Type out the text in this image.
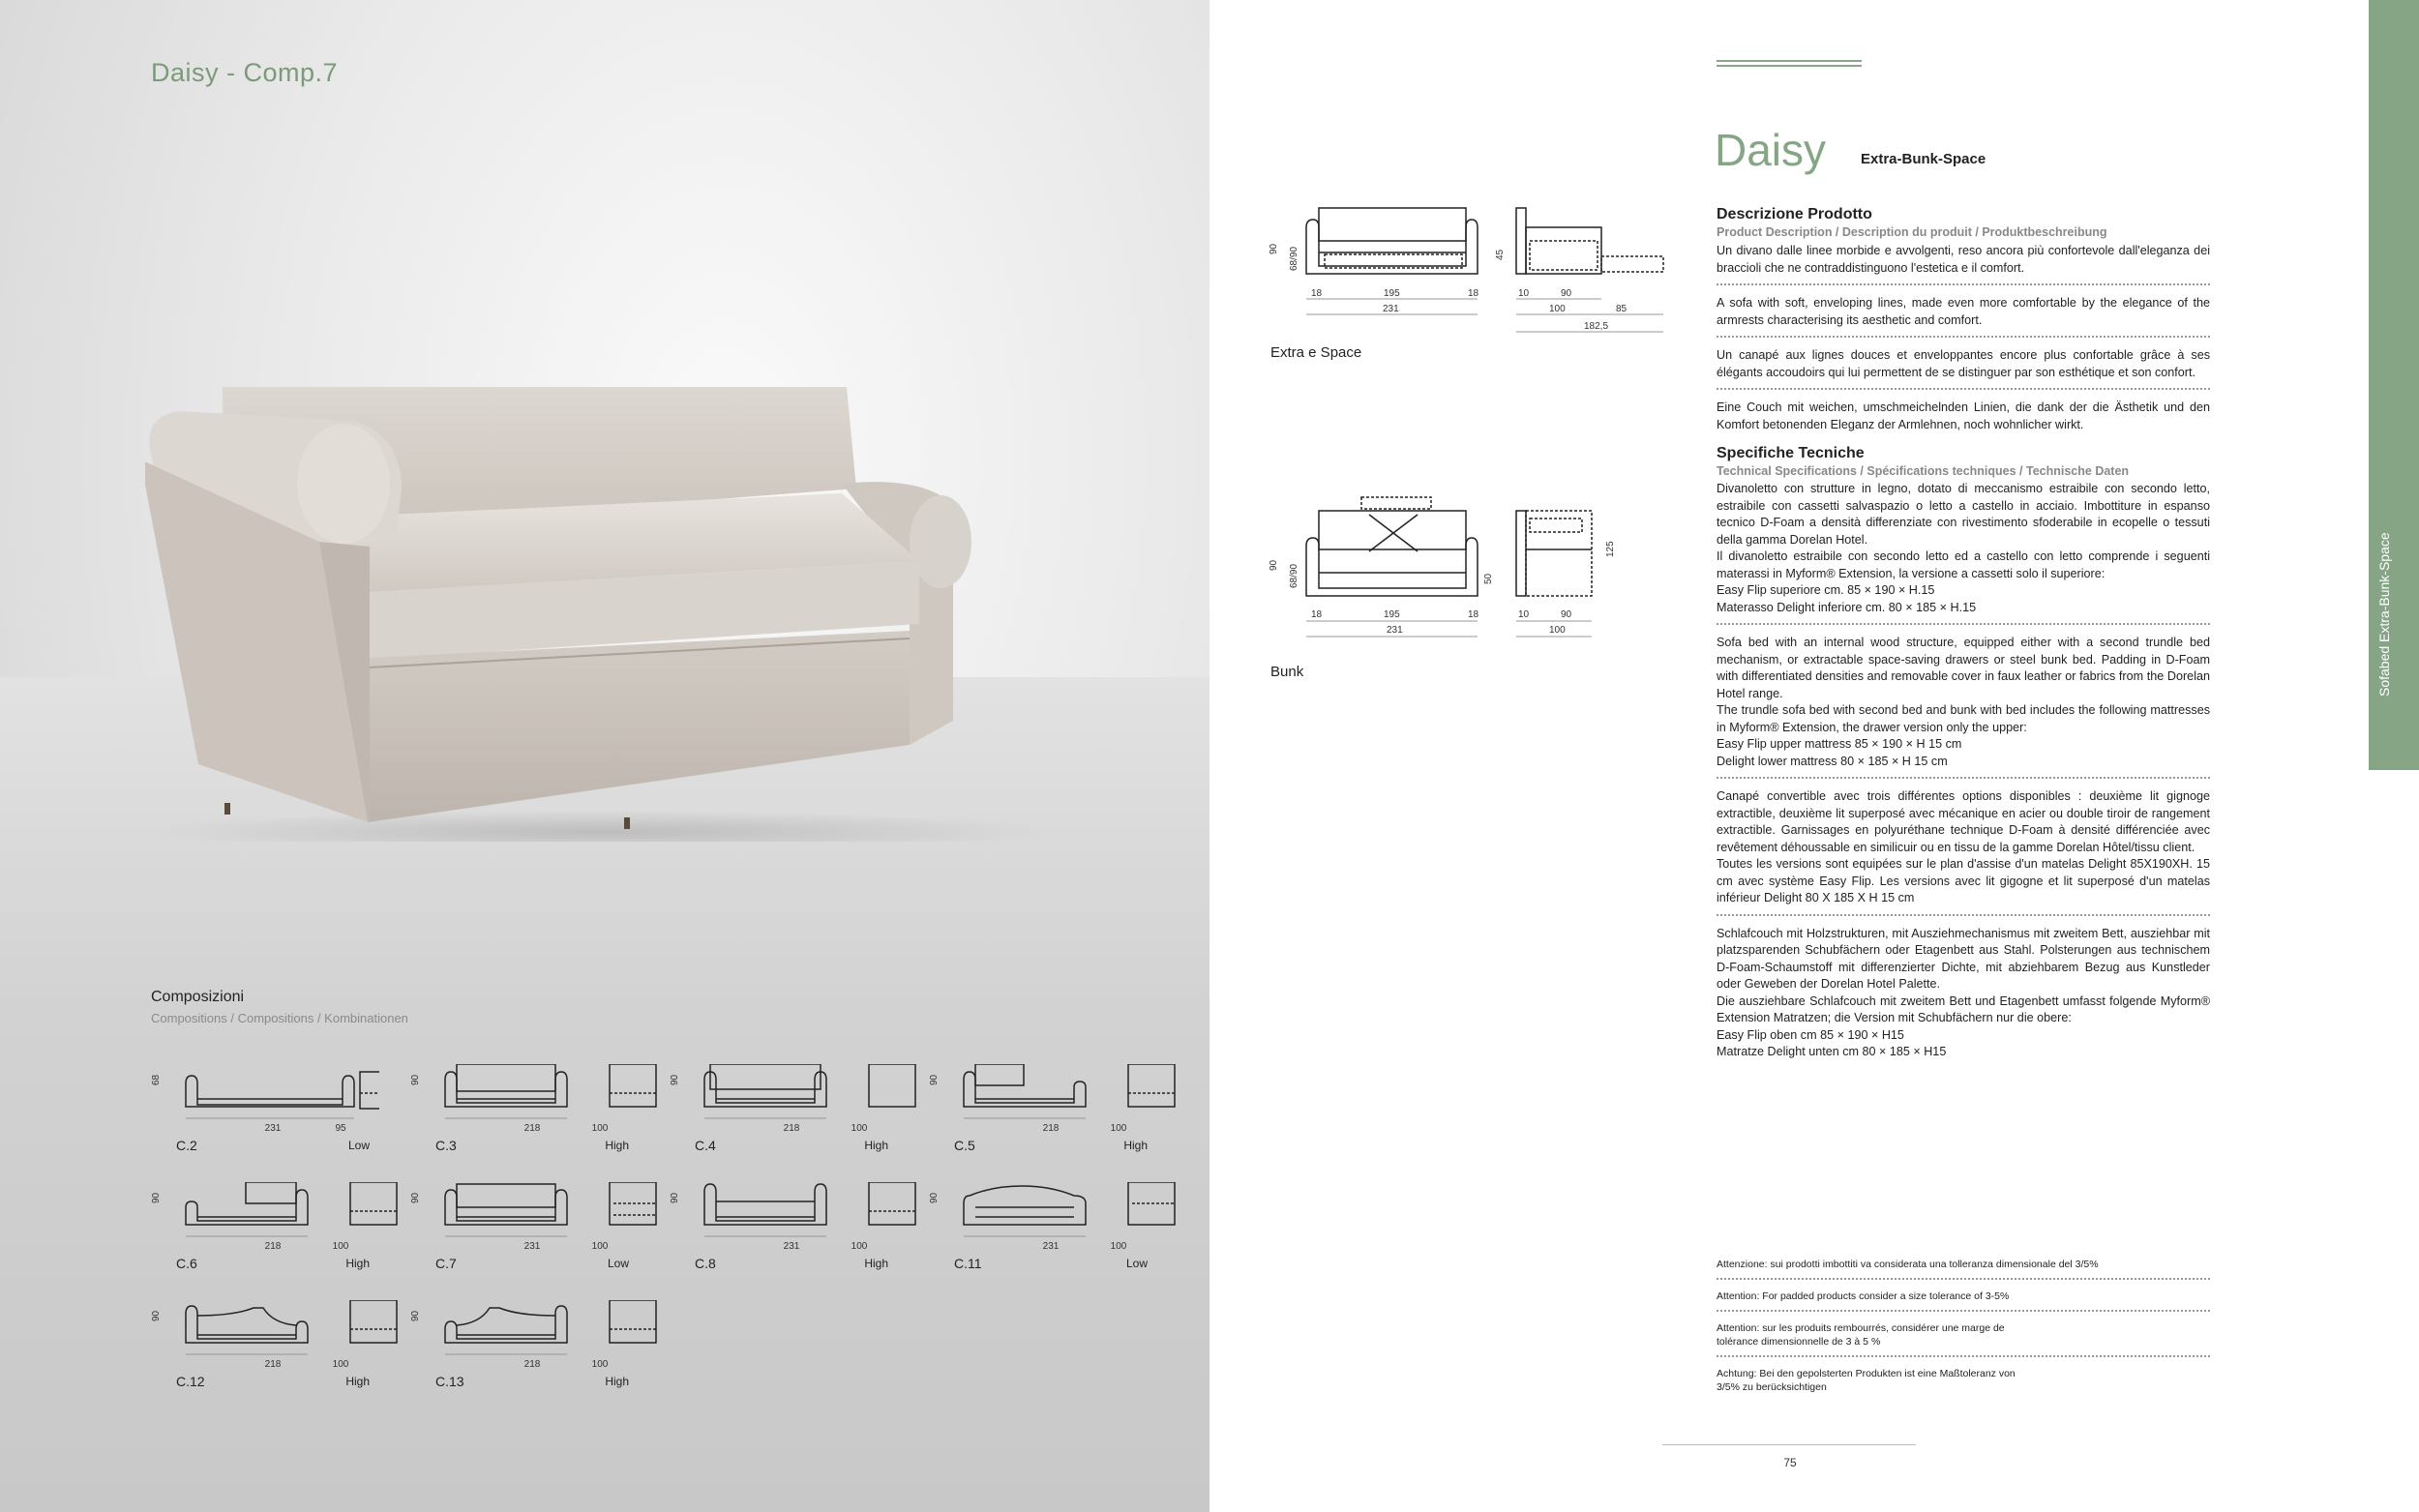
Daisy - Comp.7
Composizioni
Compositions / Compositions / Kombinationen
68
231	95
C.2	Low
90
218	100
C.3	High
90
218	100
C.4	High
90
218	100
C.5	High
90
218	100
C.6	High
90
231	100
C.7	Low
90
231	100
C.8	High
90
231	100
C.11	Low
90
218	100
C.12	High
90
218	100
C.13	High
Sofabed Extra-Bunk-Space
Daisy Extra-Bunk-Space
90 68/90	45
18	195	18
231
10	90
100	85
182,5
Extra e Space
90 68/90	50
125
18	195	18
231
10	90
100
Bunk
Descrizione Prodotto
Product Description / Description du produit / Produktbeschreibung
Un divano dalle linee morbide e avvolgenti, reso ancora più confortevole dall'eleganza dei braccioli che ne contraddistinguono l'estetica e il comfort.
A sofa with soft, enveloping lines, made even more comfortable by the elegance of the armrests characterising its aesthetic and comfort.
Un canapé aux lignes douces et enveloppantes encore plus confortable grâce à ses élégants accoudoirs qui lui permettent de se distinguer par son esthétique et son confort.
Eine Couch mit weichen, umschmeichelnden Linien, die dank der die Ästhetik und den Komfort betonenden Eleganz der Armlehnen, noch wohnlicher wirkt.
Specifiche Tecniche
Technical Specifications / Spécifications techniques / Technische Daten
Divanoletto con strutture in legno, dotato di meccanismo estraibile con secondo letto, estraibile con cassetti salvaspazio o letto a castello in acciaio. Imbottiture in espanso tecnico D-Foam a densità differenziate con rivestimento sfoderabile in ecopelle o tessuti della gamma Dorelan Hotel.
Il divanoletto estraibile con secondo letto ed a castello con letto comprende i seguenti materassi in Myform® Extension, la versione a cassetti solo il superiore:
Easy Flip superiore cm. 85 × 190 × H.15
Materasso Delight inferiore cm. 80 × 185 × H.15
Sofa bed with an internal wood structure, equipped either with a second trundle bed mechanism, or extractable space-saving drawers or steel bunk bed. Padding in D-Foam with differentiated densities and removable cover in faux leather or fabrics from the Dorelan Hotel range.
The trundle sofa bed with second bed and bunk with bed includes the following mattresses in Myform® Extension, the drawer version only the upper:
Easy Flip upper mattress 85 × 190 × H 15 cm
Delight lower mattress 80 × 185 × H 15 cm
Canapé convertible avec trois différentes options disponibles : deuxième lit gignoge extractible, deuxième lit superposé avec mécanique en acier ou double tiroir de rangement extractible. Garnissages en polyuréthane technique D-Foam à densité différenciée avec revêtement déhoussable en similicuir ou en tissu de la gamme Dorelan Hôtel/tissu client.
Toutes les versions sont equipées sur le plan d'assise d'un matelas Delight 85X190XH. 15 cm avec système Easy Flip. Les versions avec lit gigogne et lit superposé d'un matelas inférieur Delight 80 X 185 X H 15 cm
Schlafcouch mit Holzstrukturen, mit Ausziehmechanismus mit zweitem Bett, ausziehbar mit platzsparenden Schubfächern oder Etagenbett aus Stahl. Polsterungen aus technischem D-Foam-Schaumstoff mit differenzierter Dichte, mit abziehbarem Bezug aus Kunstleder oder Geweben der Dorelan Hotel Palette.
Die ausziehbare Schlafcouch mit zweitem Bett und Etagenbett umfasst folgende Myform® Extension Matratzen; die Version mit Schubfächern nur die obere:
Easy Flip oben cm 85 × 190 × H15
Matratze Delight unten cm 80 × 185 × H15
Attenzione: sui prodotti imbottiti va considerata una tolleranza dimensionale del 3/5%
Attention: For padded products consider a size tolerance of 3-5%
Attention: sur les produits rembourrés, considérer une marge de tolérance dimensionnelle de 3 à 5 %
Achtung: Bei den gepolsterten Produkten ist eine Maßtoleranz von 3/5% zu berücksichtigen
75
